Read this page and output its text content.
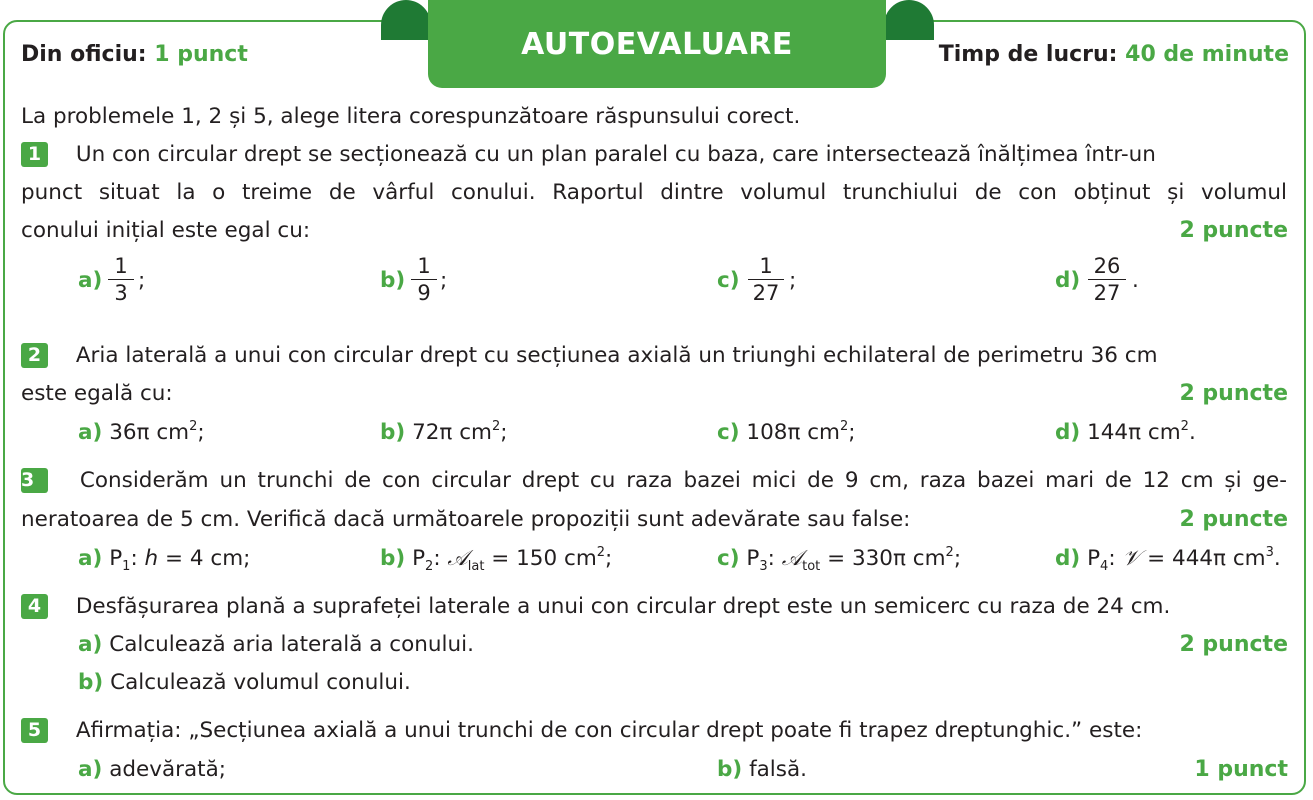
AUTOEVALUARE
Din oficiu: 1 punct	Timp de lucru: 40 de minute
La problemele 1, 2 și 5, alege litera corespunzătoare răspunsului corect.
1 Un con circular drept se secționează cu un plan paralel cu baza, care intersectează înălțimea într-un
punct situat la o treime de vârful conului. Raportul dintre volumul trunchiului de con obținut și volumul
conului inițial este egal cu:	2 puncte
$a) \frac{1}{3}$ ;	$b) \frac{1}{9}$ ;	$c) \frac{1}{27}$ ;	$d) \frac{26}{27}$ .
2 Aria laterală a unui con circular drept cu secțiunea axială un triunghi echilateral de perimetru 36 cm
este egală cu:	2 puncte
a) 36π $cm^2$;	b) 72π $cm^2$;	c) 108π $cm^2$;	d) 144π $cm^2$.
3 Considerăm un trunchi de con circular drept cu raza bazei mici de 9 cm, raza bazei mari de 12 cm și ge-
neratoarea de 5 cm. Verifică dacă următoarele propoziții sunt adevărate sau false:	2 puncte
a) $P_1$: h = 4 cm;	b) $P_2$: 𝒜$_{lat}$ = 150 $cm^2$;	c) $P_3$: 𝒜$_{tot}$ = 330π $cm^2$;	d) $P_4$: 𝒱 = 444π $cm^3$.
4 Desfășurarea plană a suprafeței laterale a unui con circular drept este un semicerc cu raza de 24 cm.
a) Calculează aria laterală a conului.	2 puncte
b) Calculează volumul conului.
5 Afirmația: „Secțiunea axială a unui trunchi de con circular drept poate fi trapez dreptunghic.” este:
a) adevărată;	b) falsă.	1 punct
